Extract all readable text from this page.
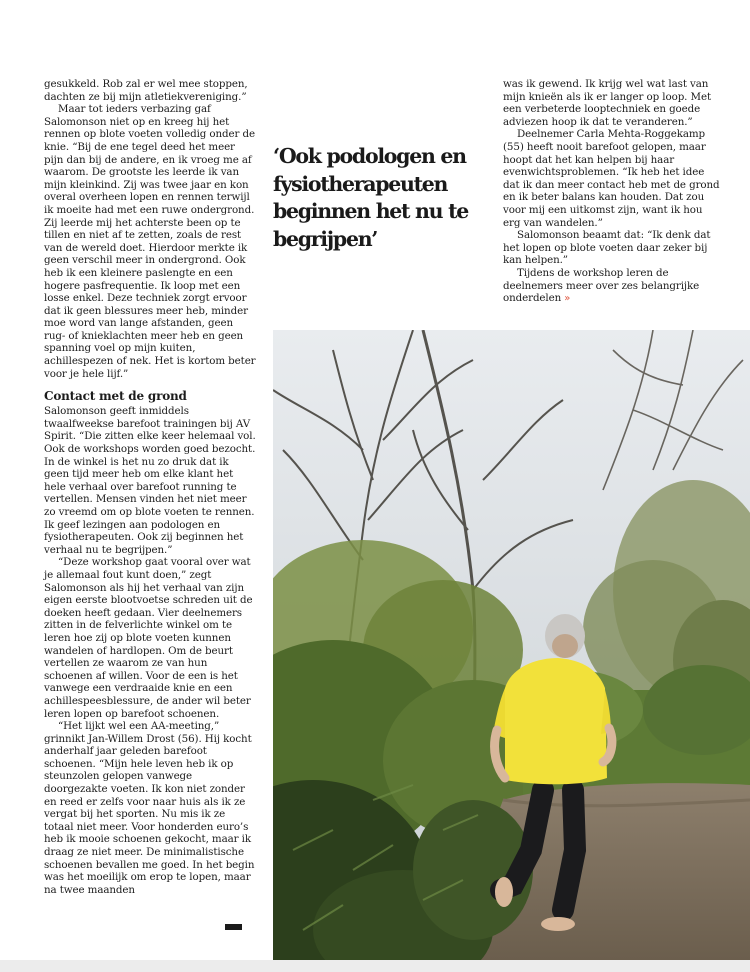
gesukkeld. Rob zal er wel mee stoppen, dachten ze bij mijn atletiekvereniging.”

Maar tot ieders verbazing gaf Salomonson niet op en kreeg hij het rennen op blote voeten volledig onder de knie. “Bij de ene tegel deed het meer pijn dan bij de andere, en ik vroeg me af waarom. De grootste les leerde ik van mijn kleinkind. Zij was twee jaar en kon overal overheen lopen en rennen terwijl ik moeite had met een ruwe ondergrond. Zij leerde mij het achterste been op te tillen en niet af te zetten, zoals de rest van de wereld doet. Hierdoor merkte ik geen verschil meer in ondergrond. Ook heb ik een kleinere paslengte en een hogere pasfrequentie. Ik loop met een losse enkel. Deze techniek zorgt ervoor dat ik geen blessures meer heb, minder moe word van lange afstanden, geen rug- of knieklachten meer heb en geen spanning voel op mijn kuiten, achillespezen of nek. Het is kortom beter voor je hele lijf.”

Contact met de grond

Salomonson geeft inmiddels twaalfweekse barefoot trainingen bij AV Spirit. “Die zitten elke keer helemaal vol. Ook de workshops worden goed bezocht. In de winkel is het nu zo druk dat ik geen tijd meer heb om elke klant het hele verhaal over barefoot running te vertellen. Mensen vinden het niet meer zo vreemd om op blote voeten te rennen. Ik geef lezingen aan podologen en fysiotherapeuten. Ook zij beginnen het verhaal nu te begrijpen.”

“Deze workshop gaat vooral over wat je allemaal fout kunt doen,” zegt Salomonson als hij het verhaal van zijn eigen eerste blootvoetse schreden uit de doeken heeft gedaan. Vier deelnemers zitten in de felverlichte winkel om te leren hoe zij op blote voeten kunnen wandelen of hardlopen. Om de beurt vertellen ze waarom ze van hun schoenen af willen. Voor de een is het vanwege een verdraaide knie en een achillespeesblessure, de ander wil beter leren lopen op barefoot schoenen.

“Het lijkt wel een AA-meeting,” grinnikt Jan-Willem Drost (56). Hij kocht anderhalf jaar geleden barefoot schoenen. “Mijn hele leven heb ik op steunzolen gelopen vanwege doorgezakte voeten. Ik kon niet zonder en reed er zelfs voor naar huis als ik ze vergat bij het sporten. Nu mis ik ze totaal niet meer. Voor honderden euro’s heb ik mooie schoenen gekocht, maar ik draag ze niet meer. De minimalistische schoenen bevallen me goed. In het begin was het moeilijk om erop te lopen, maar na twee maanden

‘Ook podologen en fysiotherapeuten beginnen het nu te begrijpen’

was ik gewend. Ik krijg wel wat last van mijn knieën als ik er langer op loop. Met een verbeterde looptechniek en goede adviezen hoop ik dat te veranderen.”

Deelnemer Carla Mehta-Roggekamp (55) heeft nooit barefoot gelopen, maar hoopt dat het kan helpen bij haar evenwichtsproblemen. “Ik heb het idee dat ik dan meer contact heb met de grond en ik beter balans kan houden. Dat zou voor mij een uitkomst zijn, want ik hou erg van wandelen.”

Salomonson beaamt dat: “Ik denk dat het lopen op blote voeten daar zeker bij kan helpen.”

Tijdens de workshop leren de deelnemers meer over zes belangrijke onderdelen »
